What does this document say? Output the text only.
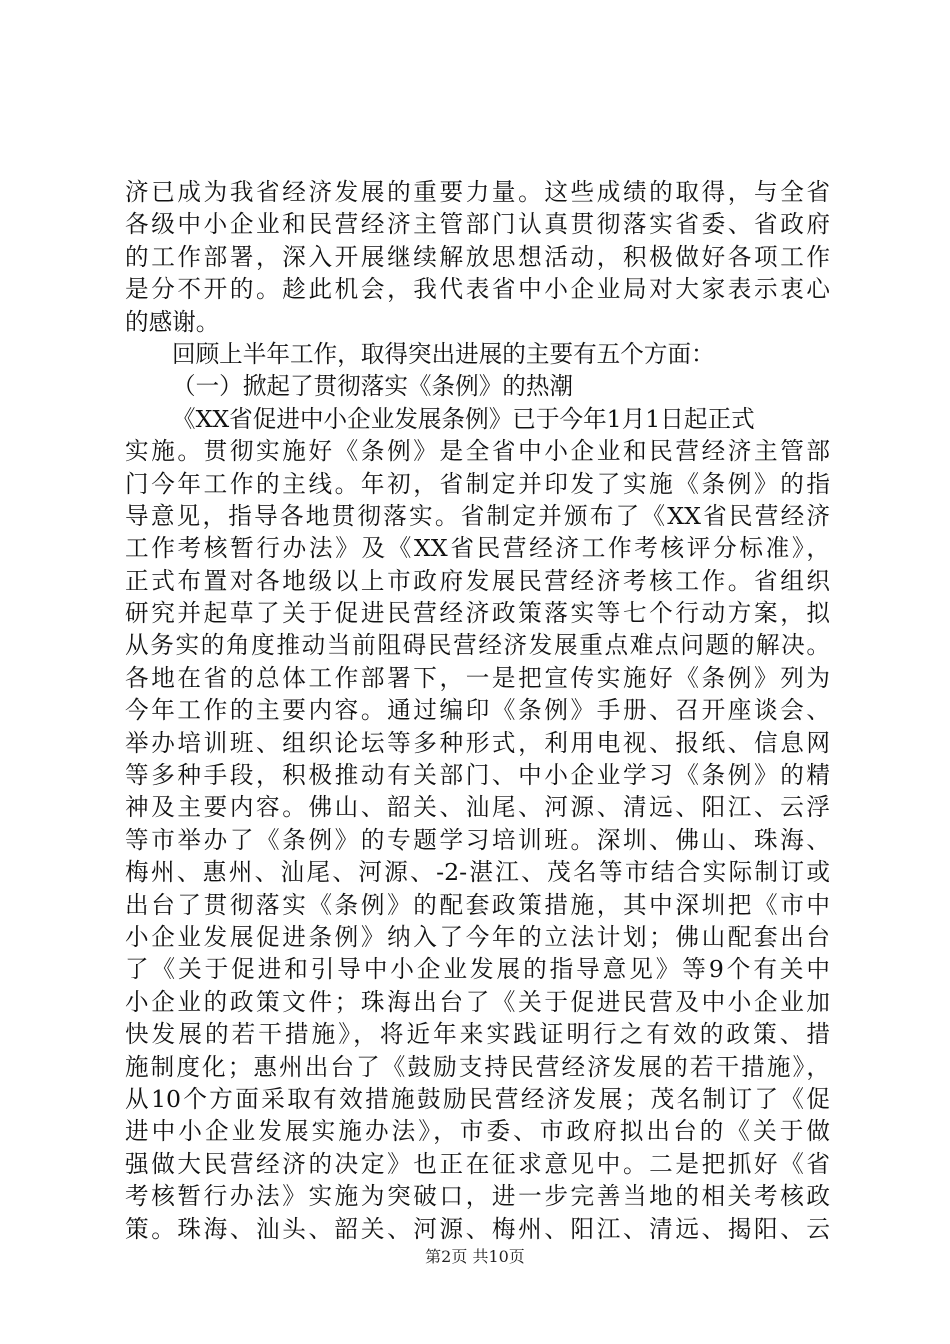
济已成为我省经济发展的重要力量。这些成绩的取得，与全省
各级中小企业和民营经济主管部门认真贯彻落实省委、省政府
的工作部署，深入开展继续解放思想活动，积极做好各项工作
是分不开的。趁此机会，我代表省中小企业局对大家表示衷心
的感谢。
回顾上半年工作，取得突出进展的主要有五个方面：
（一）掀起了贯彻落实《条例》的热潮
《XX省促进中小企业发展条例》已于今年1月1日起正式
实施。贯彻实施好《条例》是全省中小企业和民营经济主管部
门今年工作的主线。年初，省制定并印发了实施《条例》的指
导意见，指导各地贯彻落实。省制定并颁布了《XX省民营经济
工作考核暂行办法》及《XX省民营经济工作考核评分标准》，
正式布置对各地级以上市政府发展民营经济考核工作。省组织
研究并起草了关于促进民营经济政策落实等七个行动方案，拟
从务实的角度推动当前阻碍民营经济发展重点难点问题的解决。
各地在省的总体工作部署下，一是把宣传实施好《条例》列为
今年工作的主要内容。通过编印《条例》手册、召开座谈会、
举办培训班、组织论坛等多种形式，利用电视、报纸、信息网
等多种手段，积极推动有关部门、中小企业学习《条例》的精
神及主要内容。佛山、韶关、汕尾、河源、清远、阳江、云浮
等市举办了《条例》的专题学习培训班。深圳、佛山、珠海、
梅州、惠州、汕尾、河源、-2-湛江、茂名等市结合实际制订或
出台了贯彻落实《条例》的配套政策措施，其中深圳把《市中
小企业发展促进条例》纳入了今年的立法计划；佛山配套出台
了《关于促进和引导中小企业发展的指导意见》等9个有关中
小企业的政策文件；珠海出台了《关于促进民营及中小企业加
快发展的若干措施》，将近年来实践证明行之有效的政策、措
施制度化；惠州出台了《鼓励支持民营经济发展的若干措施》，
从10个方面采取有效措施鼓励民营经济发展；茂名制订了《促
进中小企业发展实施办法》，市委、市政府拟出台的《关于做
强做大民营经济的决定》也正在征求意见中。二是把抓好《省
考核暂行办法》实施为突破口，进一步完善当地的相关考核政
策。珠海、汕头、韶关、河源、梅州、阳江、清远、揭阳、云
第2页 共10页
